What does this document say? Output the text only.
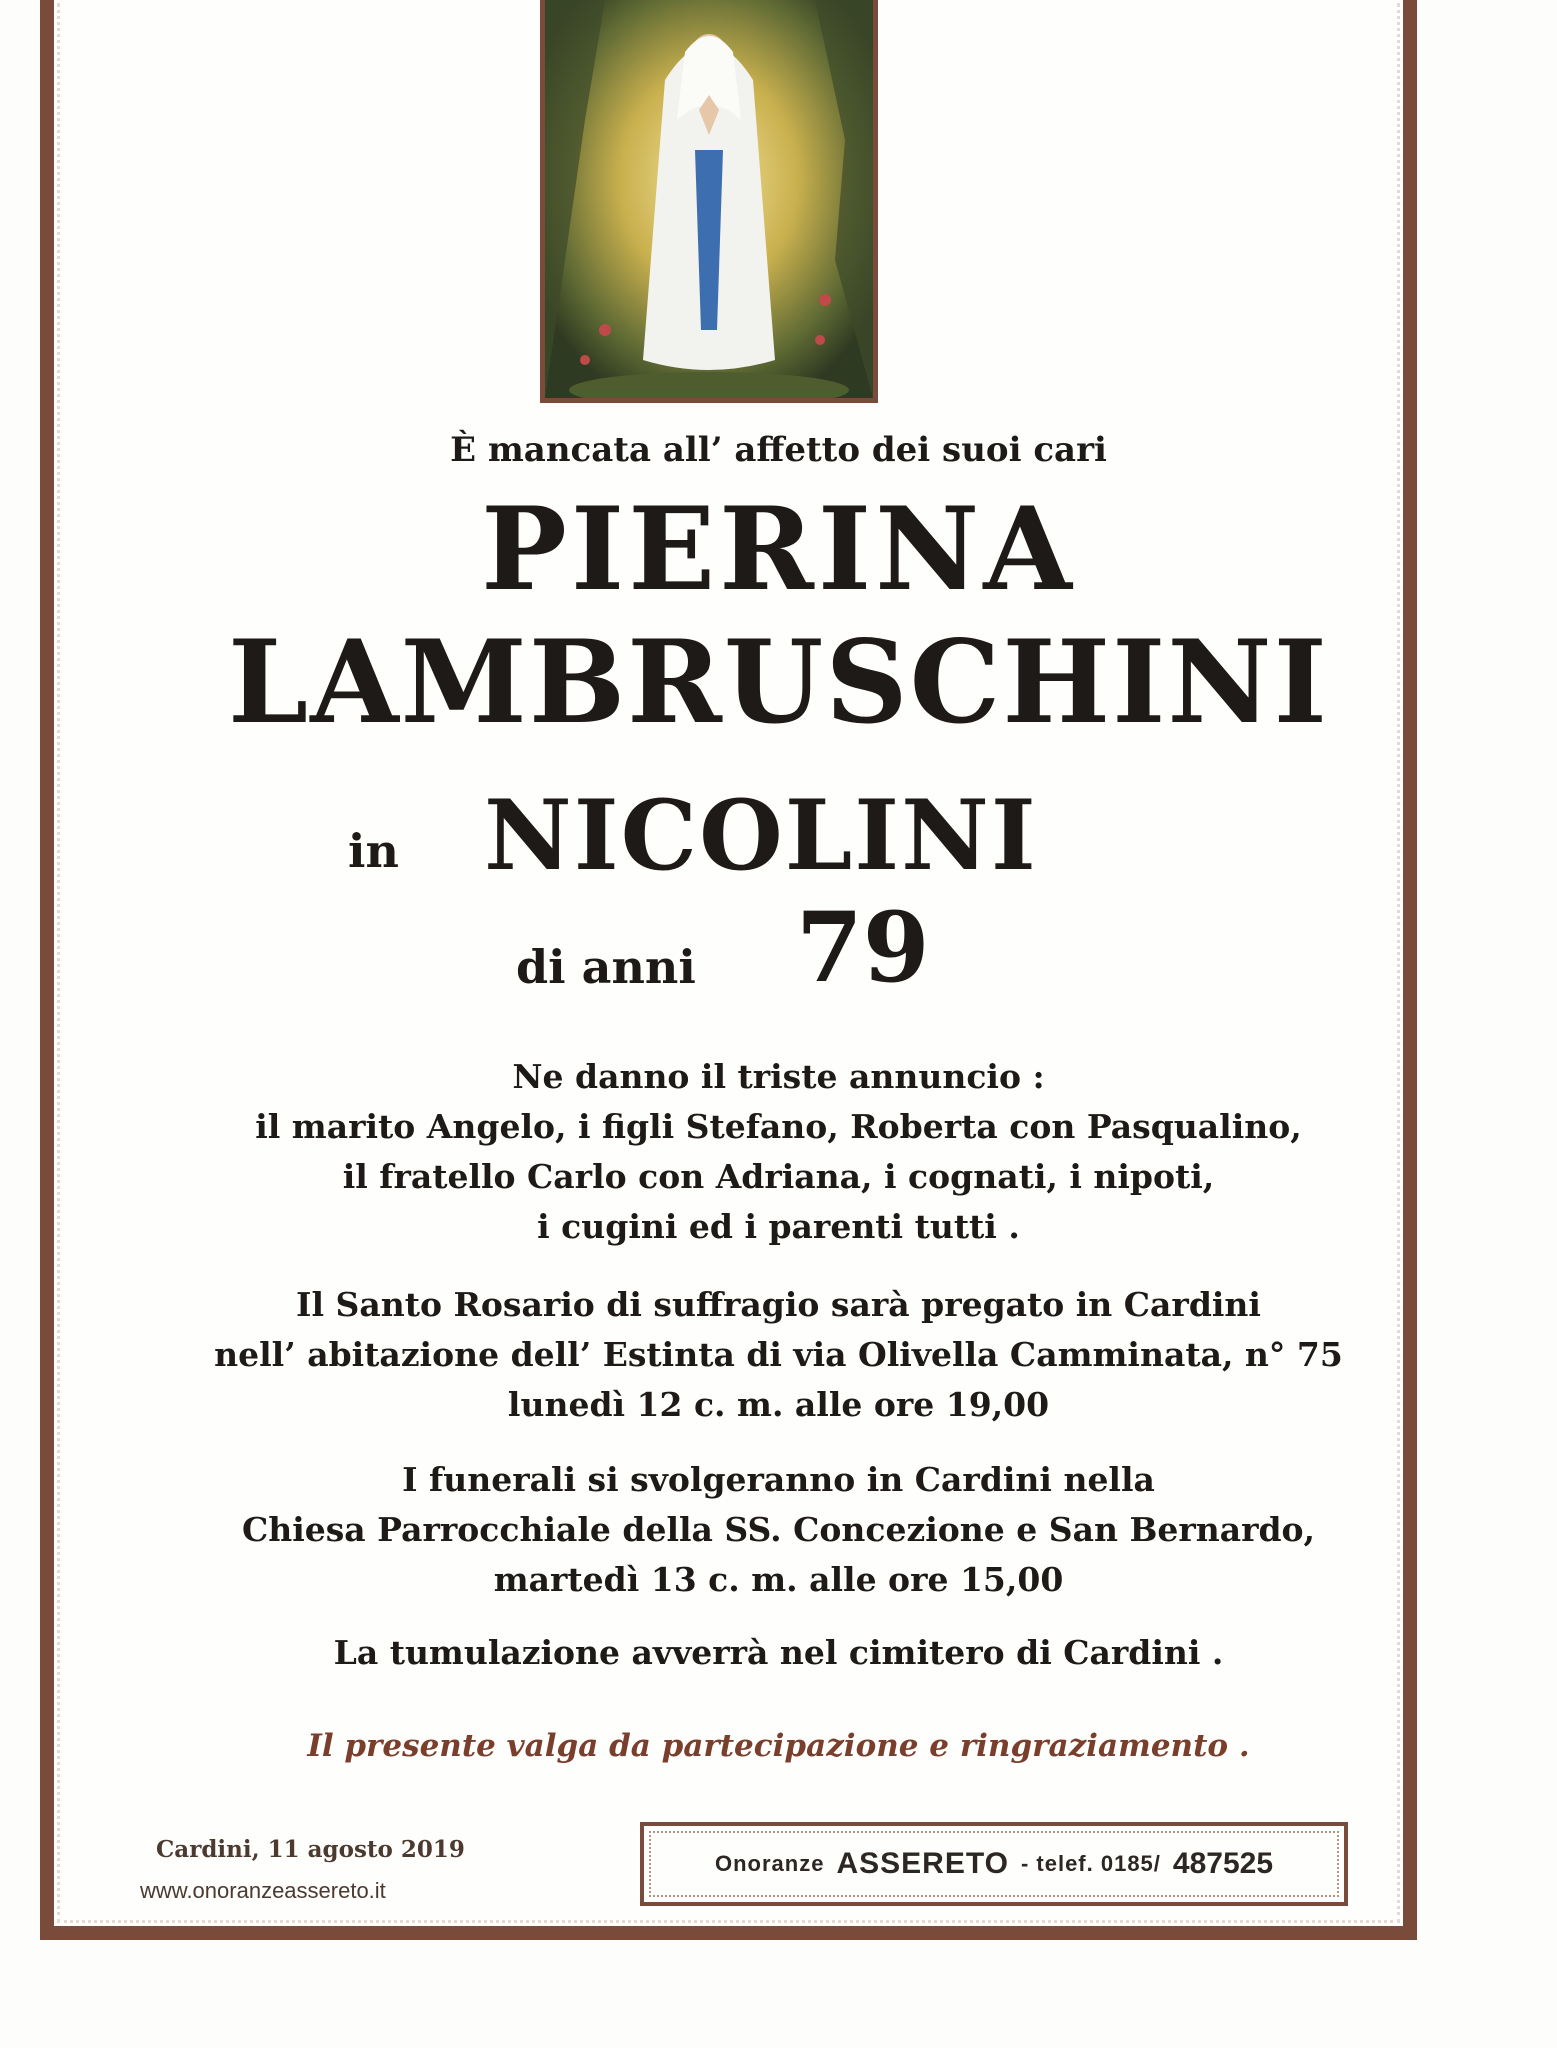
È mancata all’ affetto dei suoi cari
PIERINA
LAMBRUSCHINI
in NICOLINI
di anni 79
Ne danno il triste annuncio :
il marito Angelo, i figli Stefano, Roberta con Pasqualino,
il fratello Carlo con Adriana, i cognati, i nipoti,
i cugini ed i parenti tutti .
Il Santo Rosario di suffragio sarà pregato in Cardini
nell’ abitazione dell’ Estinta di via Olivella Camminata, n° 75
lunedì 12 c. m. alle ore 19,00
I funerali si svolgeranno in Cardini nella
Chiesa Parrocchiale della SS. Concezione e San Bernardo,
martedì 13 c. m. alle ore 15,00
La tumulazione avverrà nel cimitero di Cardini .
Il presente valga da partecipazione e ringraziamento .
Cardini, 11 agosto 2019
www.onoranzeassereto.it
Onoranze ASSERETO - telef. 0185/ 487525
